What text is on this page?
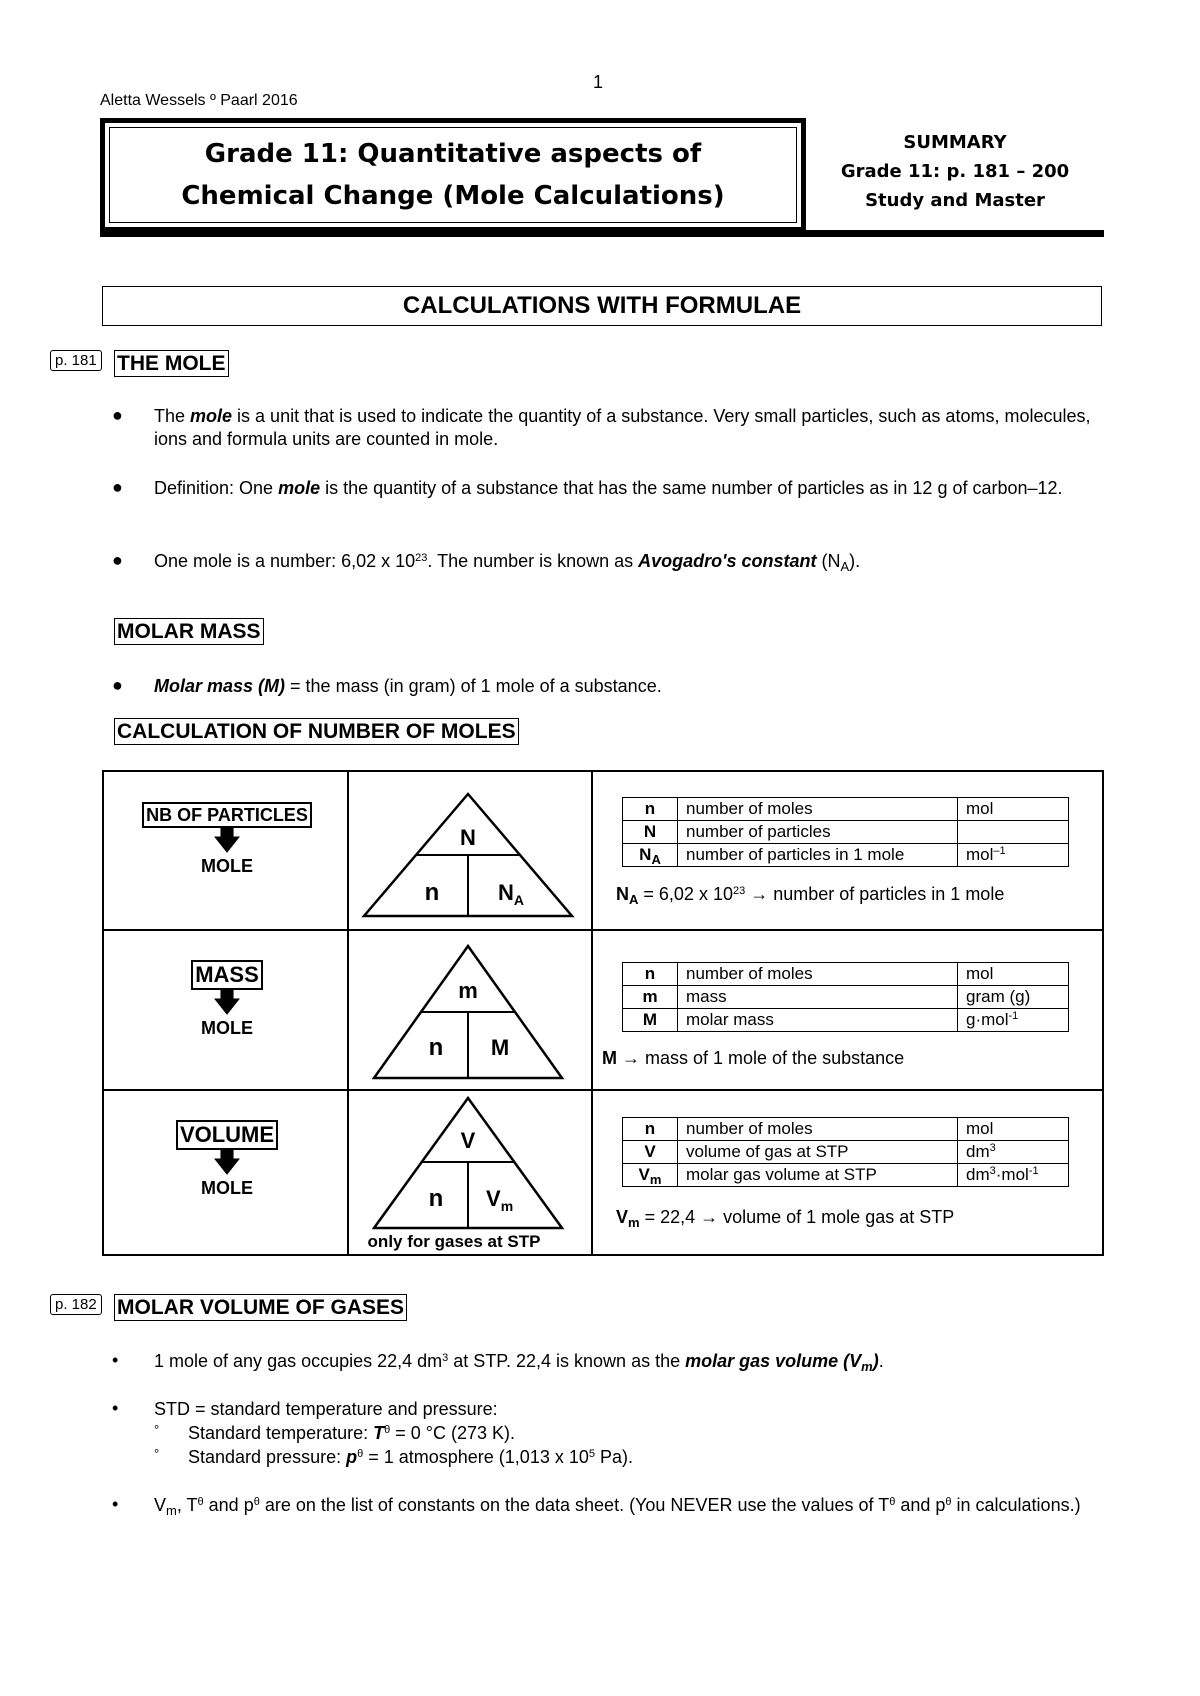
1
Aletta Wessels º Paarl 2016
Grade 11: Quantitative aspects of
Chemical Change (Mole Calculations)
SUMMARY
Grade 11: p. 181 – 200
Study and Master
CALCULATIONS WITH FORMULAE
p. 181 THE MOLE
● The mole is a unit that is used to indicate the quantity of a substance. Very small particles, such as atoms, molecules, ions and formula units are counted in mole.
● Definition: One mole is the quantity of a substance that has the same number of particles as in 12 g of carbon–12.
● One mole is a number: 6,02 x $10^{23}$. The number is known as Avogadro's constant $(N_A)$.
MOLAR MASS
● Molar mass (M) = the mass (in gram) of 1 mole of a substance.
CALCULATION OF NUMBER OF MOLES
NB OF PARTICLES
🡇
MOLE
N
n	$N_A$
n	number of moles	mol
N	number of particles	
$N_A$	number of particles in 1 mole	mol$^{-1}$
$N_A = 6,02$ x $10^{23}$ → number of particles in 1 mole
MASS
🡇
MOLE
m
n M
n	number of moles	mol
m	mass	gram (g)
M	molar mass	g·mol$^{-1}$
M → mass of 1 mole of the substance
VOLUME
🡇
MOLE
V
n $V_m$
only for gases at STP
n	number of moles	mol
V	volume of gas at STP	$dm^3$
$V_m$	molar gas volume at STP	$dm^3\cdot mol^{-1}$
$V_m = 22,4$ → volume of 1 mole gas at STP
p. 182 MOLAR VOLUME OF GASES
• 1 mole of any gas occupies 22,4 $dm^3$ at STP. 22,4 is known as the molar gas volume $(V_m)$.
• STD = standard temperature and pressure:
° Standard temperature: $T^\theta = 0$ °C (273 K).
° Standard pressure: $p^\theta = 1$ atmosphere (1,013 x $10^5$ Pa).
• $V_m$, $T^\theta$ and $p^\theta$ are on the list of constants on the data sheet. (You NEVER use the values of $T^\theta$ and $p^\theta$ in calculations.)
